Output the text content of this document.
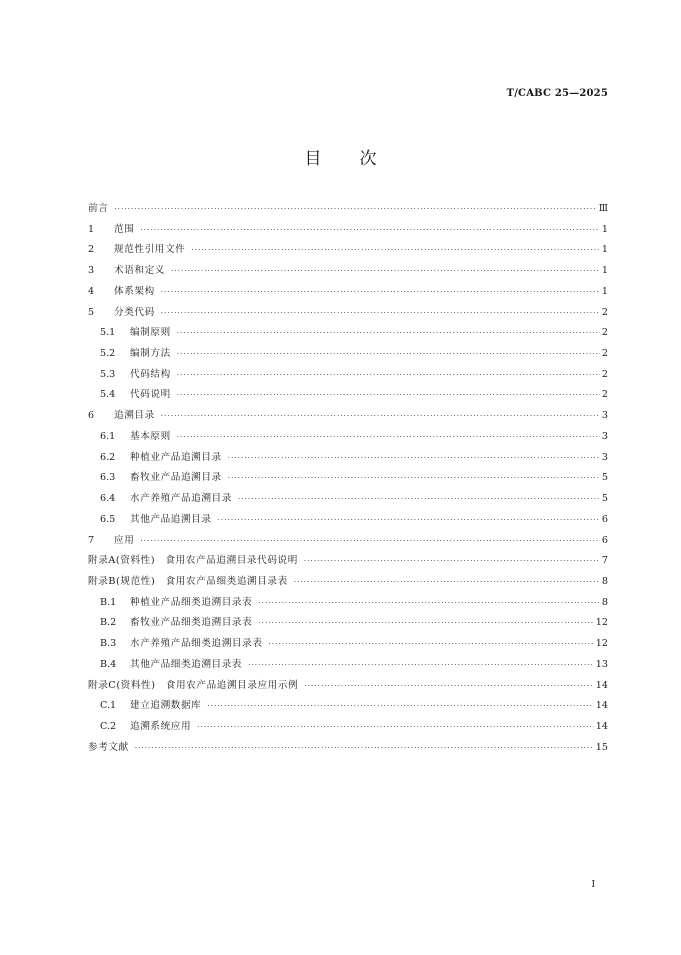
T/CABC 25—2025
目 次
前言 ·····	Ⅲ
1	范围 ·····	1
2	规范性引用文件 ·····	1
3	术语和定义 ·····	1
4	体系架构 ·····	1
5	分类代码 ·····	2
5.1	编制原则 ·····	2
5.2	编制方法 ·····	2
5.3	代码结构 ·····	2
5.4	代码说明 ·····	2
6	追溯目录 ·····	3
6.1	基本原则 ·····	3
6.2	种植业产品追溯目录 ·····	3
6.3	畜牧业产品追溯目录 ·····	5
6.4	水产养殖产品追溯目录 ·····	5
6.5	其他产品追溯目录 ·····	6
7	应用 ·····	6
附录A(资料性)　食用农产品追溯目录代码说明 ·····	7
附录B(规范性)　食用农产品细类追溯目录表 ·····	8
B.1	种植业产品细类追溯目录表 ·····	8
B.2	畜牧业产品细类追溯目录表 ·····	12
B.3	水产养殖产品细类追溯目录表 ·····	12
B.4	其他产品细类追溯目录表 ·····	13
附录C(资料性)　食用农产品追溯目录应用示例 ·····	14
C.1	建立追溯数据库 ·····	14
C.2	追溯系统应用 ·····	14
参考文献 ·····	15
I
